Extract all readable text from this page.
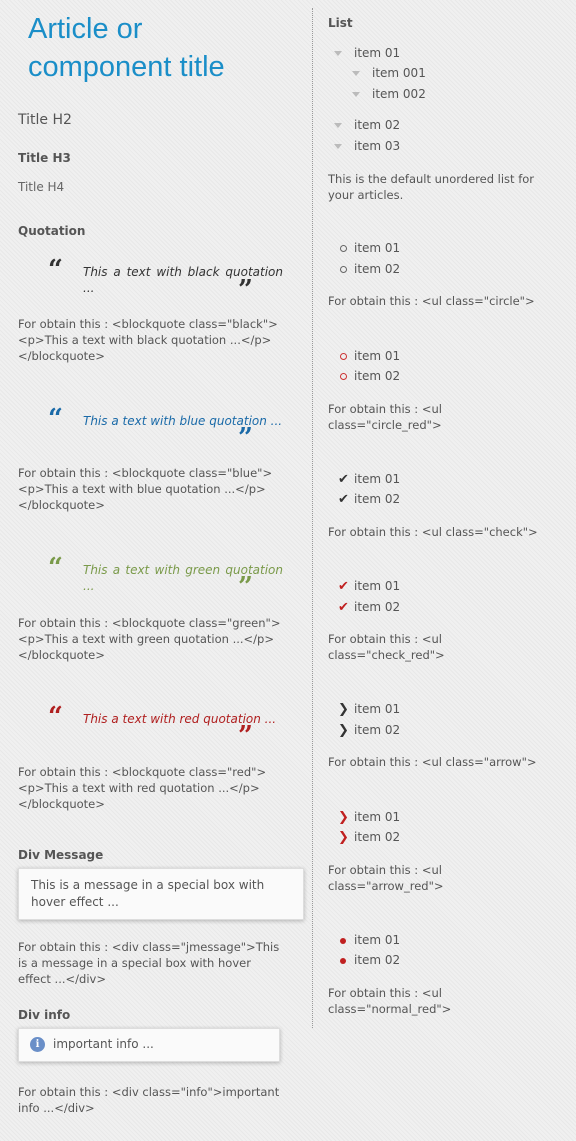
Article or component title
Title H2
Title H3
Title H4
Quotation
“ This a text with black quotation ...	”
For obtain this : <blockquote class="black"><p>This a text with black quotation ...</p></blockquote>
“ This a text with blue quotation ...
”
For obtain this : <blockquote class="blue"><p>This a text with blue quotation ...</p></blockquote>
“ This a text with green quotation ...	”
For obtain this : <blockquote class="green"><p>This a text with green quotation ...</p></blockquote>
“ This a text with red quotation ...
”
For obtain this : <blockquote class="red"><p>This a text with red quotation ...</p></blockquote>
Div Message
This is a message in a special box with hover effect ...
For obtain this : <div class="jmessage">This is a message in a special box with hover effect ...</div>
Div info
i	important info ...
For obtain this : <div class="info">important info ...</div>
List
item 01
item 001
item 002
item 02
item 03
This is the default unordered list for your articles.
item 01
item 02
For obtain this : <ul class="circle">
item 01
item 02
For obtain this : <ul class="circle_red">
✔ item 01
✔ item 02
For obtain this : <ul class="check">
✔ item 01
✔ item 02
For obtain this : <ul class="check_red">
❯ item 01
❯ item 02
For obtain this : <ul class="arrow">
❯ item 01
❯ item 02
For obtain this : <ul class="arrow_red">
item 01
item 02
For obtain this : <ul class="normal_red">
